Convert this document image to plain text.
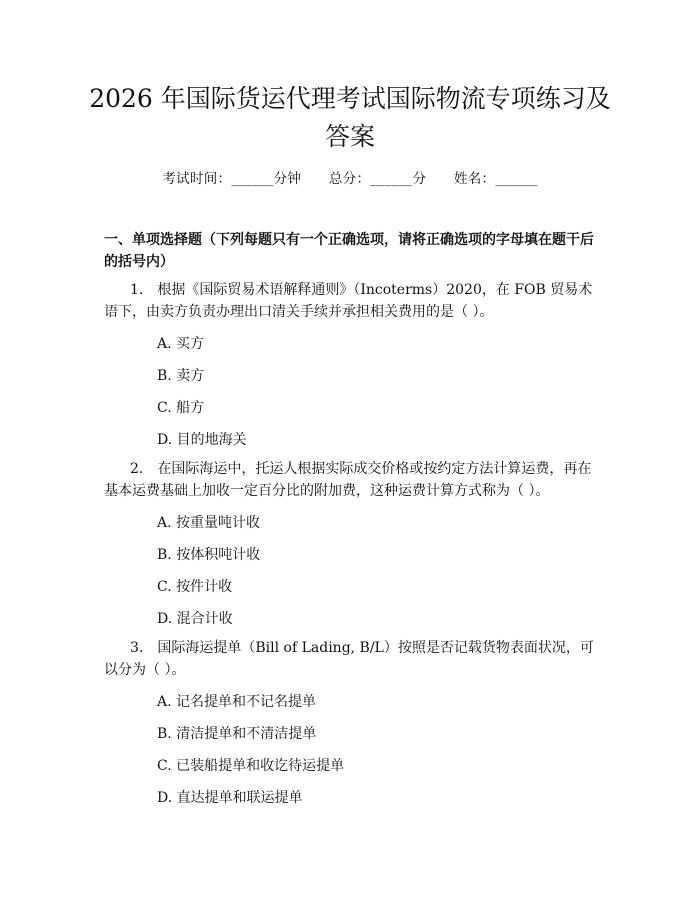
2026 年国际货运代理考试国际物流专项练习及答案
考试时间：______分钟　　 总分：______分　　 姓名：______
一、单项选择题（下列每题只有一个正确选项，请将正确选项的字母填在题干后的括号内）
1.　根据《国际贸易术语解释通则》（Incoterms）2020，在 FOB 贸易术语下，由卖方负责办理出口清关手续并承担相关费用的是（ ）。
A. 买方
B. 卖方
C. 船方
D. 目的地海关
2.　在国际海运中，托运人根据实际成交价格或按约定方法计算运费，再在基本运费基础上加收一定百分比的附加费，这种运费计算方式称为（ ）。
A. 按重量吨计收
B. 按体积吨计收
C. 按件计收
D. 混合计收
3.　国际海运提单（Bill of Lading, B/L）按照是否记载货物表面状况，可以分为（ ）。
A. 记名提单和不记名提单
B. 清洁提单和不清洁提单
C. 已装船提单和收讫待运提单
D. 直达提单和联运提单
